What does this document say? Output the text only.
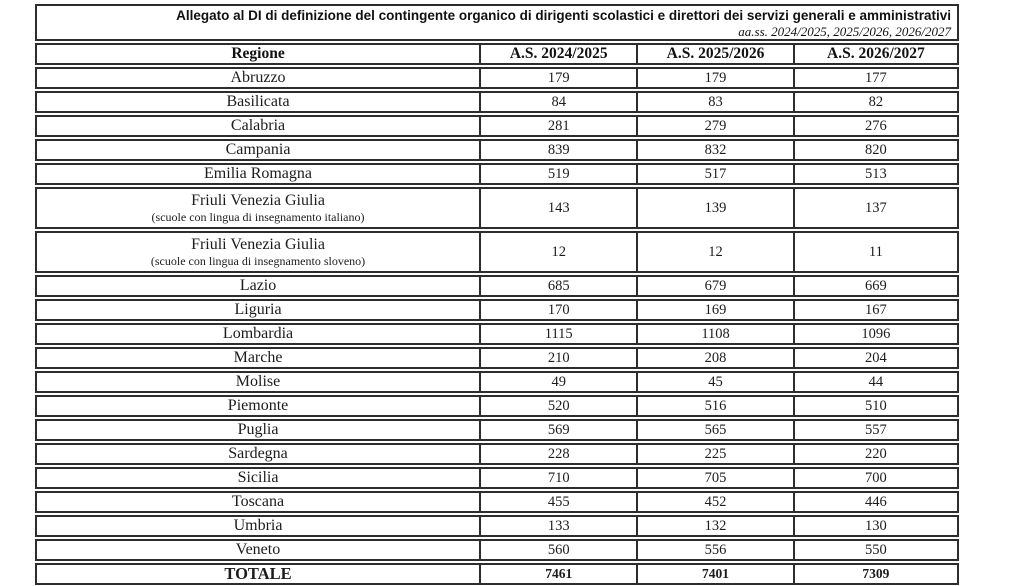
Allegato al DI di definizione del contingente organico di dirigenti scolastici e direttori dei servizi generali e amministrativi
aa.ss. 2024/2025, 2025/2026, 2026/2027
Regione	A.S. 2024/2025	A.S. 2025/2026	A.S. 2026/2027
Abruzzo	179	179	177
Basilicata	84	83	82
Calabria	281	279	276
Campania	839	832	820
Emilia Romagna	519	517	513
Friuli Venezia Giulia
(scuole con lingua di insegnamento italiano)
143	139	137
Friuli Venezia Giulia
(scuole con lingua di insegnamento sloveno)
12	12	11
Lazio	685	679	669
Liguria	170	169	167
Lombardia	1115	1108	1096
Marche	210	208	204
Molise	49	45	44
Piemonte	520	516	510
Puglia	569	565	557
Sardegna	228	225	220
Sicilia	710	705	700
Toscana	455	452	446
Umbria	133	132	130
Veneto	560	556	550
TOTALE	7461	7401	7309
